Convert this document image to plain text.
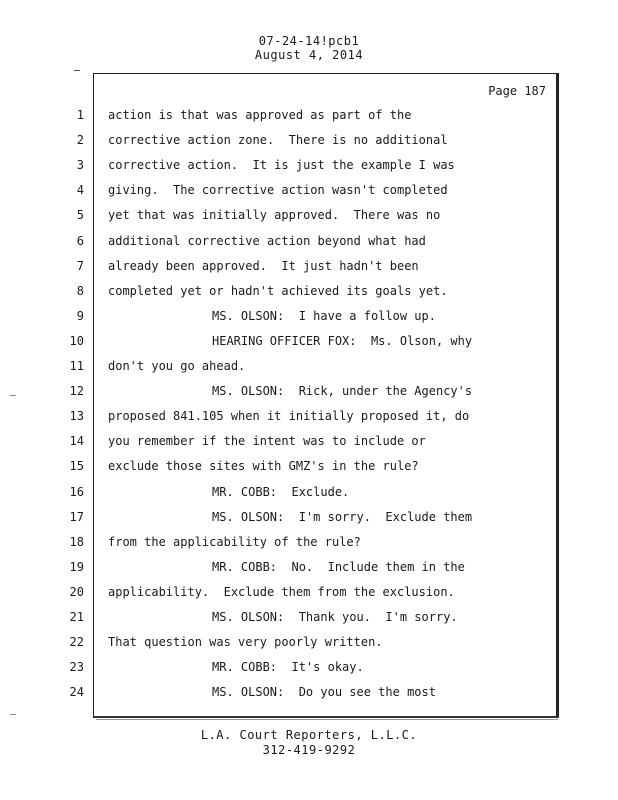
07-24-14!pcb1
August 4, 2014
Page 187
1 action is that was approved as part of the
2 corrective action zone.  There is no additional
3 corrective action.  It is just the example I was
4 giving.  The corrective action wasn't completed
5 yet that was initially approved.  There was no
6 additional corrective action beyond what had
7 already been approved.  It just hadn't been
8 completed yet or hadn't achieved its goals yet.
9	MS. OLSON:  I have a follow up.
10	HEARING OFFICER FOX:  Ms. Olson, why
11 don't you go ahead.
12	MS. OLSON:  Rick, under the Agency's
13 proposed 841.105 when it initially proposed it, do
14 you remember if the intent was to include or
15 exclude those sites with GMZ's in the rule?
16	MR. COBB:  Exclude.
17	MS. OLSON:  I'm sorry.  Exclude them
18 from the applicability of the rule?
19	MR. COBB:  No.  Include them in the
20 applicability.  Exclude them from the exclusion.
21	MS. OLSON:  Thank you.  I'm sorry.
22 That question was very poorly written.
23	MR. COBB:  It's okay.
24	MS. OLSON:  Do you see the most
L.A. Court Reporters, L.L.C.
312-419-9292
